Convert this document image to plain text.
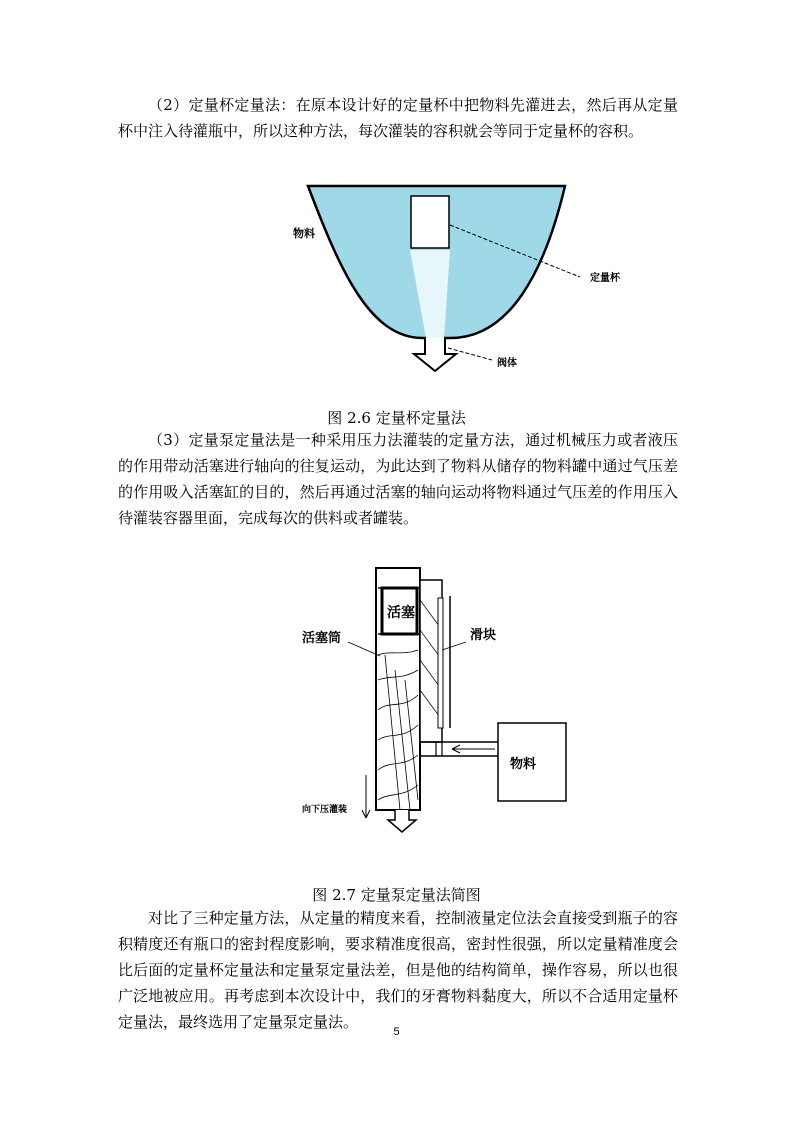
（2）定量杯定量法：在原本设计好的定量杯中把物料先灌进去，然后再从定量杯中注入待灌瓶中，所以这种方法，每次灌装的容积就会等同于定量杯的容积。

物料
定量杯
阀体
图 2.6 定量杯定量法

（3）定量泵定量法是一种采用压力法灌装的定量方法，通过机械压力或者液压的作用带动活塞进行轴向的往复运动，为此达到了物料从储存的物料罐中通过气压差的作用吸入活塞缸的目的，然后再通过活塞的轴向运动将物料通过气压差的作用压入待灌装容器里面，完成每次的供料或者罐装。

活塞
活塞筒	滑块
物料
向下压灌装
图 2.7 定量泵定量法简图

对比了三种定量方法，从定量的精度来看，控制液量定位法会直接受到瓶子的容积精度还有瓶口的密封程度影响，要求精准度很高，密封性很强，所以定量精准度会比后面的定量杯定量法和定量泵定量法差，但是他的结构简单，操作容易，所以也很广泛地被应用。再考虑到本次设计中，我们的牙膏物料黏度大，所以不合适用定量杯定量法，最终选用了定量泵定量法。

5
